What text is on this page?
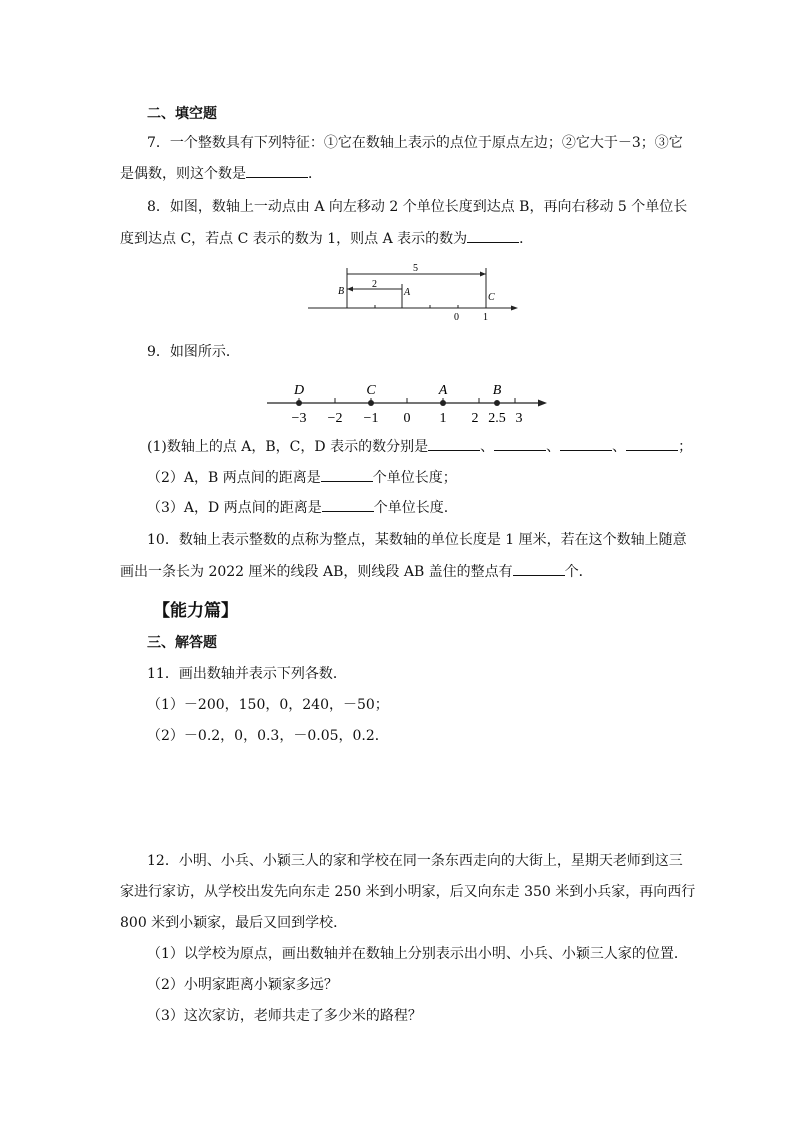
二、填空题
7．一个整数具有下列特征：①它在数轴上表示的点位于原点左边；②它大于－3；③它
是偶数，则这个数是	．
8．如图，数轴上一动点由 A 向左移动 2 个单位长度到达点 B，再向右移动 5 个单位长
度到达点 C，若点 C 表示的数为 1，则点 A 表示的数为	．
5
2
B	A	C
0 1
9．如图所示．
−3 −2 −1 0 1 2 2.5 3
D	C	A	B
(1)数轴上的点 A，B，C，D 表示的数分别是	、	、	、	；
（2）A，B 两点间的距离是	个单位长度；
（3）A，D 两点间的距离是	个单位长度.
10．数轴上表示整数的点称为整点，某数轴的单位长度是 1 厘米，若在这个数轴上随意
画出一条长为 2022 厘米的线段 AB，则线段 AB 盖住的整点有	个．
【能力篇】
三、解答题
11．画出数轴并表示下列各数．
（1）－200，150，0，240，－50；
（2）－0.2，0，0.3，－0.05，0.2．
12．小明、小兵、小颖三人的家和学校在同一条东西走向的大街上，星期天老师到这三
家进行家访，从学校出发先向东走 250 米到小明家，后又向东走 350 米到小兵家，再向西行
800 米到小颖家，最后又回到学校．
（1）以学校为原点，画出数轴并在数轴上分别表示出小明、小兵、小颖三人家的位置．
（2）小明家距离小颖家多远？
（3）这次家访，老师共走了多少米的路程？
